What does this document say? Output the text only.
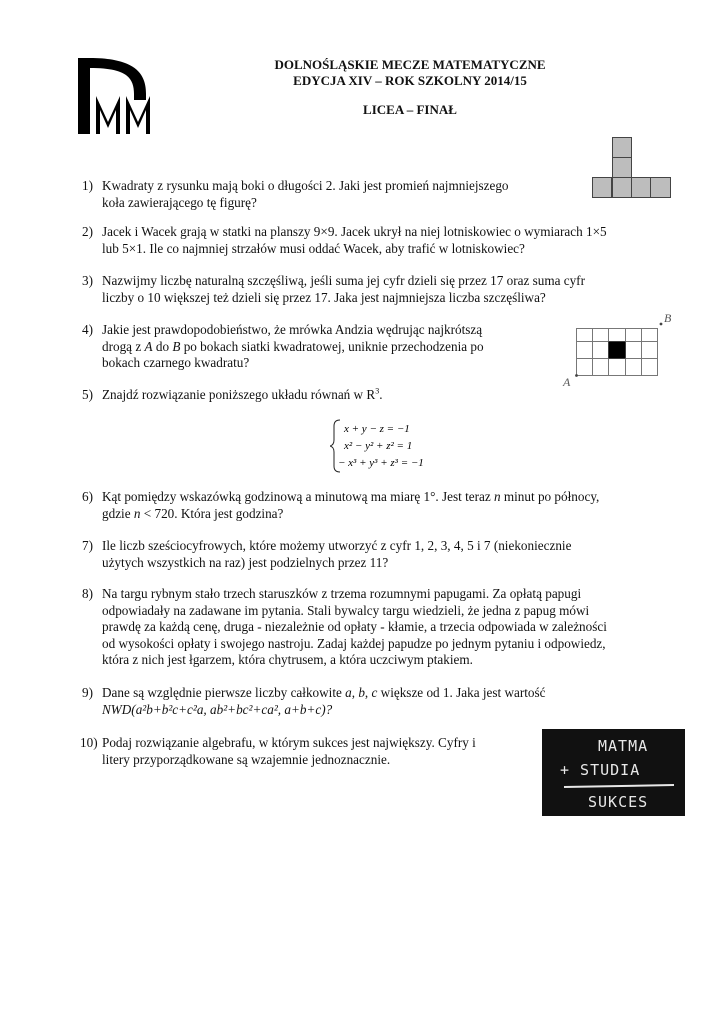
DOLNOŚLĄSKIE MECZE MATEMATYCZNE
EDYCJA XIV – ROK SZKOLNY 2014/15
LICEA – FINAŁ
1) Kwadraty z rysunku mają boki o długości 2. Jaki jest promień najmniejszego
koła zawierającego tę figurę?
2) Jacek i Wacek grają w statki na planszy 9×9. Jacek ukrył na niej lotniskowiec o wymiarach 1×5
lub 5×1. Ile co najmniej strzałów musi oddać Wacek, aby trafić w lotniskowiec?
3) Nazwijmy liczbę naturalną szczęśliwą, jeśli suma jej cyfr dzieli się przez 17 oraz suma cyfr
liczby o 10 większej też dzieli się przez 17. Jaka jest najmniejsza liczba szczęśliwa?
A
B
4) Jakie jest prawdopodobieństwo, że mrówka Andzia wędrując najkrótszą
drogą z A do B po bokach siatki kwadratowej, uniknie przechodzenia po
bokach czarnego kwadratu?
5) Znajdź rozwiązanie poniższego układu równań w $R^3$.
x + y − z = −1
x² − y² + z² = 1
− x³ + y³ + z³ = −1
6) Kąt pomiędzy wskazówką godzinową a minutową ma miarę 1°. Jest teraz n minut po północy,
gdzie n < 720. Która jest godzina?
7) Ile liczb sześciocyfrowych, które możemy utworzyć z cyfr 1, 2, 3, 4, 5 i 7 (niekoniecznie
użytych wszystkich na raz) jest podzielnych przez 11?
8) Na targu rybnym stało trzech staruszków z trzema rozumnymi papugami. Za opłatą papugi
odpowiadały na zadawane im pytania. Stali bywalcy targu wiedzieli, że jedna z papug mówi
prawdę za każdą cenę, druga - niezależnie od opłaty - kłamie, a trzecia odpowiada w zależności
od wysokości opłaty i swojego nastroju. Zadaj każdej papudze po jednym pytaniu i odpowiedz,
która z nich jest łgarzem, która chytrusem, a która uczciwym ptakiem.
9) Dane są względnie pierwsze liczby całkowite a, b, c większe od 1. Jaka jest wartość
NWD(a²b+b²c+c²a, ab²+bc²+ca², a+b+c)?
10) Podaj rozwiązanie algebrafu, w którym sukces jest największy. Cyfry i
litery przyporządkowane są wzajemnie jednoznacznie.
MATMA
+ STUDIA
SUKCES
